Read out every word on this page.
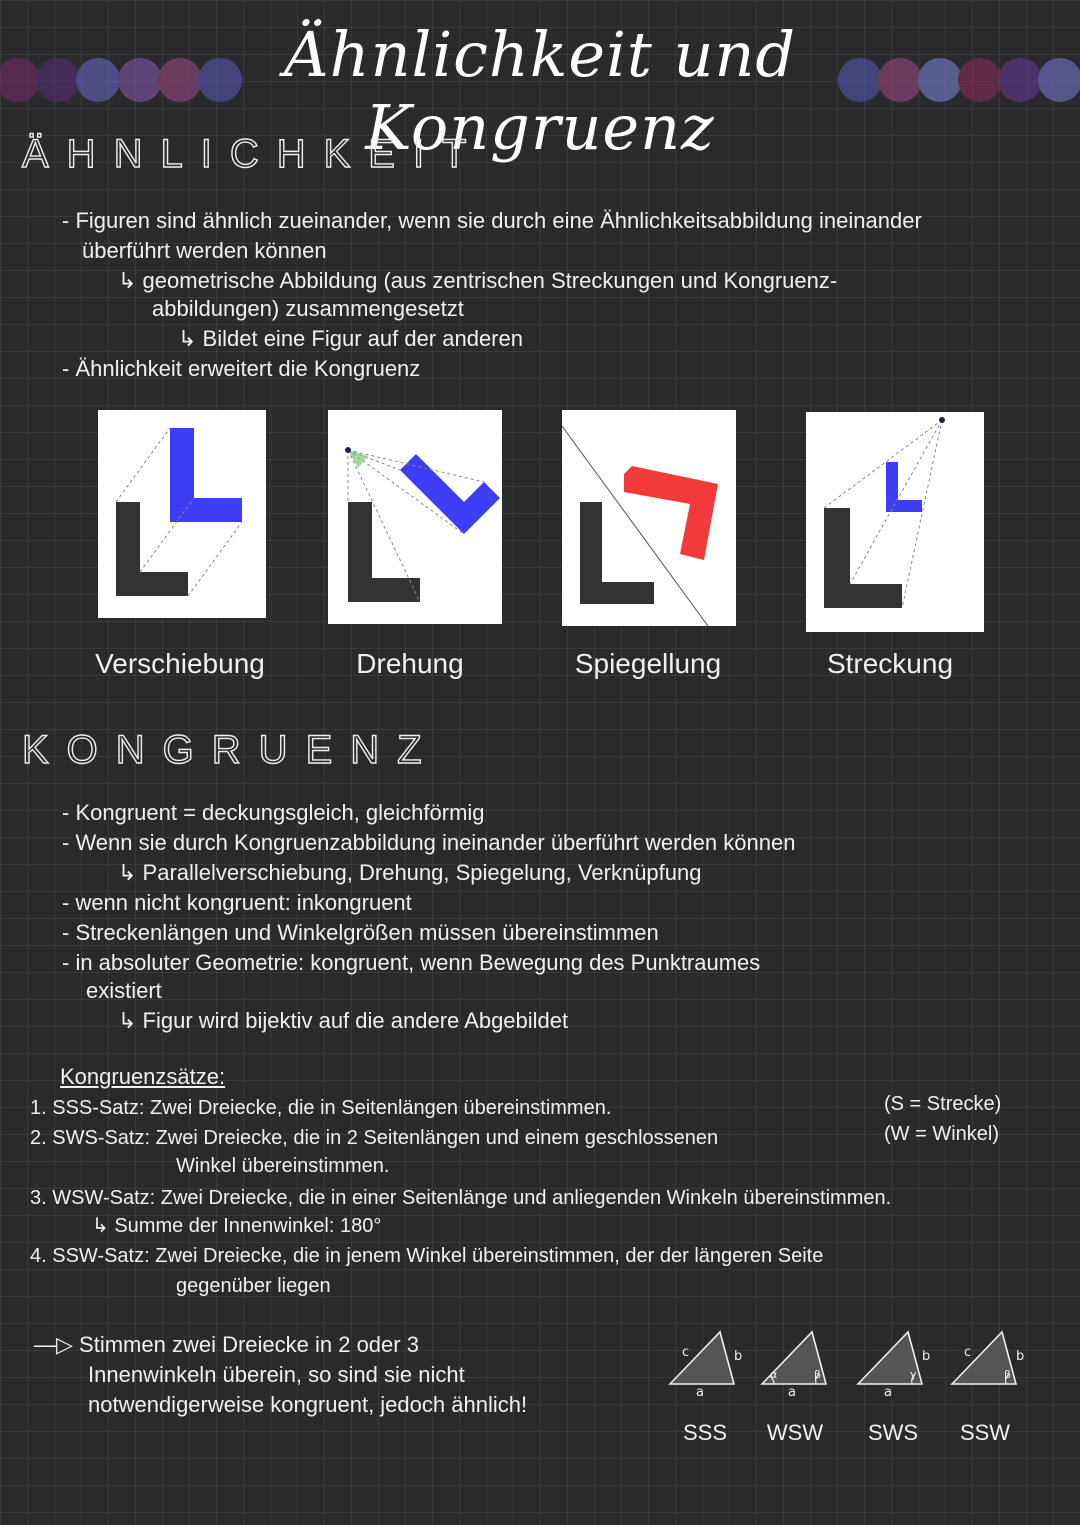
Ähnlichkeit und Kongruenz
ÄHNLICHKEIT
- Figuren sind ähnlich zueinander, wenn sie durch eine Ähnlichkeitsabbildung ineinander
überführt werden können
↳ geometrische Abbildung (aus zentrischen Streckungen und Kongruenz-
abbildungen) zusammengesetzt
↳ Bildet eine Figur auf der anderen
- Ähnlichkeit erweitert die Kongruenz
Verschiebung	Drehung	Spiegellung	Streckung
KONGRUENZ
- Kongruent = deckungsgleich, gleichförmig
- Wenn sie durch Kongruenzabbildung ineinander überführt werden können
↳ Parallelverschiebung, Drehung, Spiegelung, Verknüpfung
- wenn nicht kongruent: inkongruent
- Streckenlängen und Winkelgrößen müssen übereinstimmen
- in absoluter Geometrie: kongruent, wenn Bewegung des Punktraumes
existiert
↳ Figur wird bijektiv auf die andere Abgebildet
Kongruenzsätze:
1. SSS-Satz: Zwei Dreiecke, die in Seitenlängen übereinstimmen.
2. SWS-Satz: Zwei Dreiecke, die in 2 Seitenlängen und einem geschlossenen
Winkel übereinstimmen.
3. WSW-Satz: Zwei Dreiecke, die in einer Seitenlänge und anliegenden Winkeln übereinstimmen.
↳ Summe der Innenwinkel: 180°
4. SSW-Satz: Zwei Dreiecke, die in jenem Winkel übereinstimmen, der der längeren Seite
gegenüber liegen
(S = Strecke)
(W = Winkel)
—▷ Stimmen zwei Dreiecke in 2 oder 3
Innenwinkeln überein, so sind sie nicht
notwendigerweise kongruent, jedoch ähnlich!
c	b
a
SSS
α	β
a
WSW
b
γ
a
SWS
c	b
β
SSW
